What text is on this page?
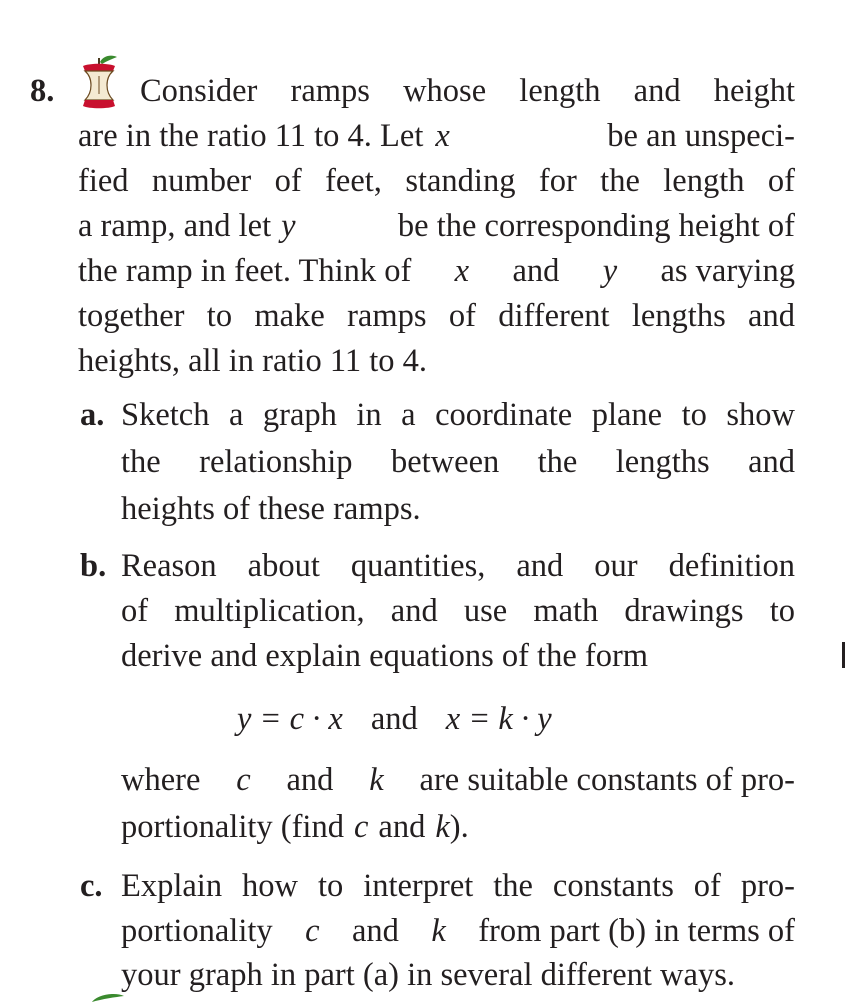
8.	Consider ramps whose length and height
are in the ratio 11 to 4. Let x	be an unspeci-
fied number of feet, standing for the length of
a ramp, and let y	be the corresponding height of
the ramp in feet. Think of x and y as varying
together to make ramps of different lengths and
heights, all in ratio 11 to 4.
a. Sketch a graph in a coordinate plane to show
the relationship between the lengths and
heights of these ramps.
b. Reason about quantities, and our definition
of multiplication, and use math drawings to
derive and explain equations of the form
y = c · x and x = k · y
where c and k are suitable constants of pro-
portionality (find c and k ).
c. Explain how to interpret the constants of pro-
portionality c and k from part (b) in terms of
your graph in part (a) in several different ways.
